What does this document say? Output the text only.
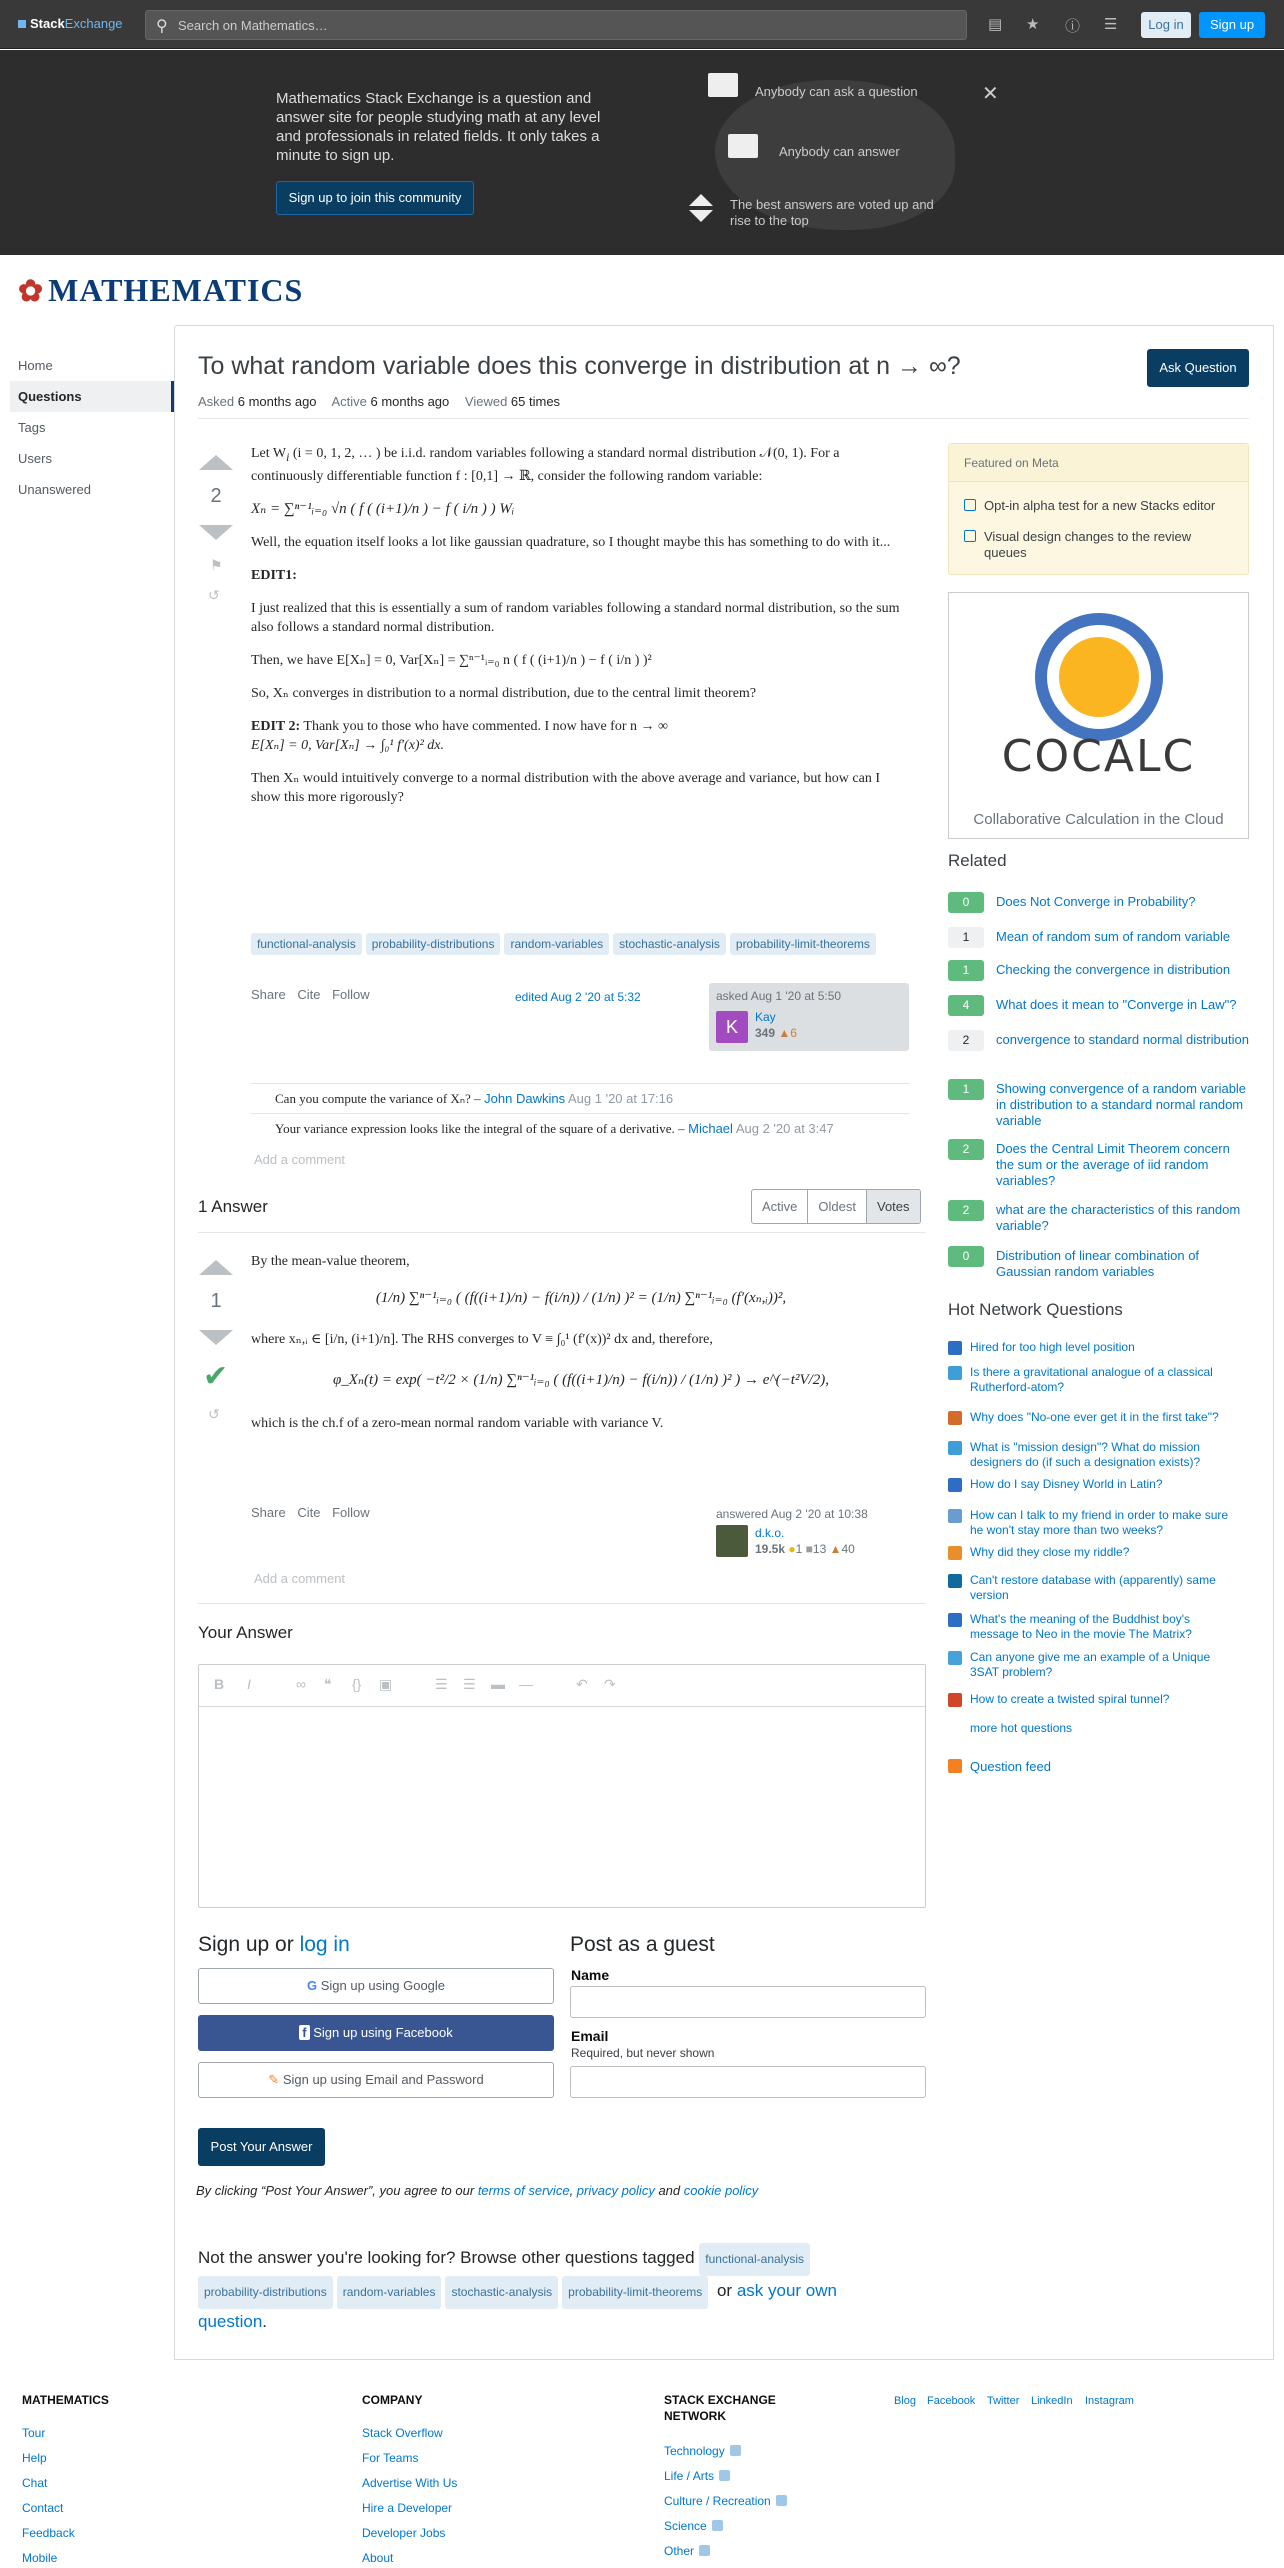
StackExchange ⚲
Search on Mathematics…	▤ ★ ⓘ ☰	Log in	Sign up
Mathematics Stack Exchange is a question and answer site for people studying math at any level and professionals in related fields. It only takes a minute to sign up.
Sign up to join this community
Anybody can ask a question
Anybody can answer
The best answers are voted up and rise to the top
✕
✿ MATHEMATICS
Home
Questions
Tags
Users
Unanswered
To what random variable does this converge in distribution at n → ∞?	Ask Question
Asked 6 months ago Active 6 months ago Viewed 65 times
2
⚑
↺

Let $W_i$ (i = 0, 1, 2, … ) be i.i.d. random variables following a standard normal distribution 𝒩(0, 1). For a continuously differentiable function f : [0,1] → ℝ, consider the following random variable:

Xₙ = ∑ⁿ⁻¹ᵢ₌₀ √n ( f ( (i+1)/n ) − f ( i/n ) ) Wᵢ

Well, the equation itself looks a lot like gaussian quadrature, so I thought maybe this has something to do with it...

EDIT1:

I just realized that this is essentially a sum of random variables following a standard normal distribution, so the sum also follows a standard normal distribution.

Then, we have E[Xₙ] = 0, Var[Xₙ] = ∑ⁿ⁻¹ᵢ₌₀ n ( f ( (i+1)/n ) − f ( i/n ) )²

So, Xₙ converges in distribution to a normal distribution, due to the central limit theorem?

EDIT 2: Thank you to those who have commented. I now have for n → ∞
E[Xₙ] = 0, Var[Xₙ] → ∫₀¹ f′(x)² dx.

Then Xₙ would intuitively converge to a normal distribution with the above average and variance, but how can I show this more rigorously?

functional-analysis probability-distributions random-variables stochastic-analysis probability-limit-theorems
Share Cite Follow	edited Aug 2 '20 at 5:32	asked Aug 1 '20 at 5:50
K	Kay
349 ▲6
Can you compute the variance of Xₙ? – John Dawkins Aug 1 '20 at 17:16
Your variance expression looks like the integral of the square of a derivative. – Michael Aug 2 '20 at 3:47
Add a comment
1 Answer	Active	Oldest	Votes
1
✔
↺

By the mean-value theorem,

(1/n) ∑ⁿ⁻¹ᵢ₌₀ ( (f((i+1)/n) − f(i/n)) / (1/n) )² = (1/n) ∑ⁿ⁻¹ᵢ₌₀ (f′(xₙ,ᵢ))²,

where xₙ,ᵢ ∈ [i/n, (i+1)/n]. The RHS converges to V ≡ ∫₀¹ (f′(x))² dx and, therefore,

φ_Xₙ(t) = exp( −t²/2 × (1/n) ∑ⁿ⁻¹ᵢ₌₀ ( (f((i+1)/n) − f(i/n)) / (1/n) )² ) → e^(−t²V/2),

which is the ch.f of a zero-mean normal random variable with variance V.

Share Cite Follow	answered Aug 2 '20 at 10:38
d.k.o.
19.5k ●1 ■13 ▲40
Add a comment
Your Answer
B I	∞ ❝ {} ▣	☰ ☰ ▬ —	↶ ↷
Sign up or log in
G Sign up using Google
f Sign up using Facebook
✎ Sign up using Email and Password
Post as a guest
Name
Email
Required, but never shown
Post Your Answer
By clicking “Post Your Answer”, you agree to our terms of service, privacy policy and cookie policy
Not the answer you're looking for? Browse other questions tagged functional-analysis probability-distributions random-variables stochastic-analysis probability-limit-theorems or ask your own question.
Featured on Meta
Opt-in alpha test for a new Stacks editor
Visual design changes to the review queues
COCALC
Collaborative Calculation in the Cloud
Related
0	Does Not Converge in Probability?
1	Mean of random sum of random variable
1	Checking the convergence in distribution
4	What does it mean to "Converge in Law"?
2	convergence to standard normal distribution
1	Showing convergence of a random variable in distribution to a standard normal random variable
2	Does the Central Limit Theorem concern the sum or the average of iid random variables?
2	what are the characteristics of this random variable?
0	Distribution of linear combination of Gaussian random variables
Hot Network Questions
Hired for too high level position
Is there a gravitational analogue of a classical Rutherford-atom?
Why does "No-one ever get it in the first take"?
What is "mission design"? What do mission designers do (if such a designation exists)?
How do I say Disney World in Latin?
How can I talk to my friend in order to make sure he won't stay more than two weeks?
Why did they close my riddle?
Can't restore database with (apparently) same version
What's the meaning of the Buddhist boy's message to Neo in the movie The Matrix?
Can anyone give me an example of a Unique 3SAT problem?
How to create a twisted spiral tunnel?
more hot questions
Question feed
MATHEMATICS	COMPANY	STACK EXCHANGE NETWORK
Tour
Help
Chat
Contact
Feedback
Mobile
Stack Overflow
For Teams
Advertise With Us
Hire a Developer
Developer Jobs
About
Technology
Life / Arts
Culture / Recreation
Science
Other
Blog Facebook Twitter LinkedIn Instagram
